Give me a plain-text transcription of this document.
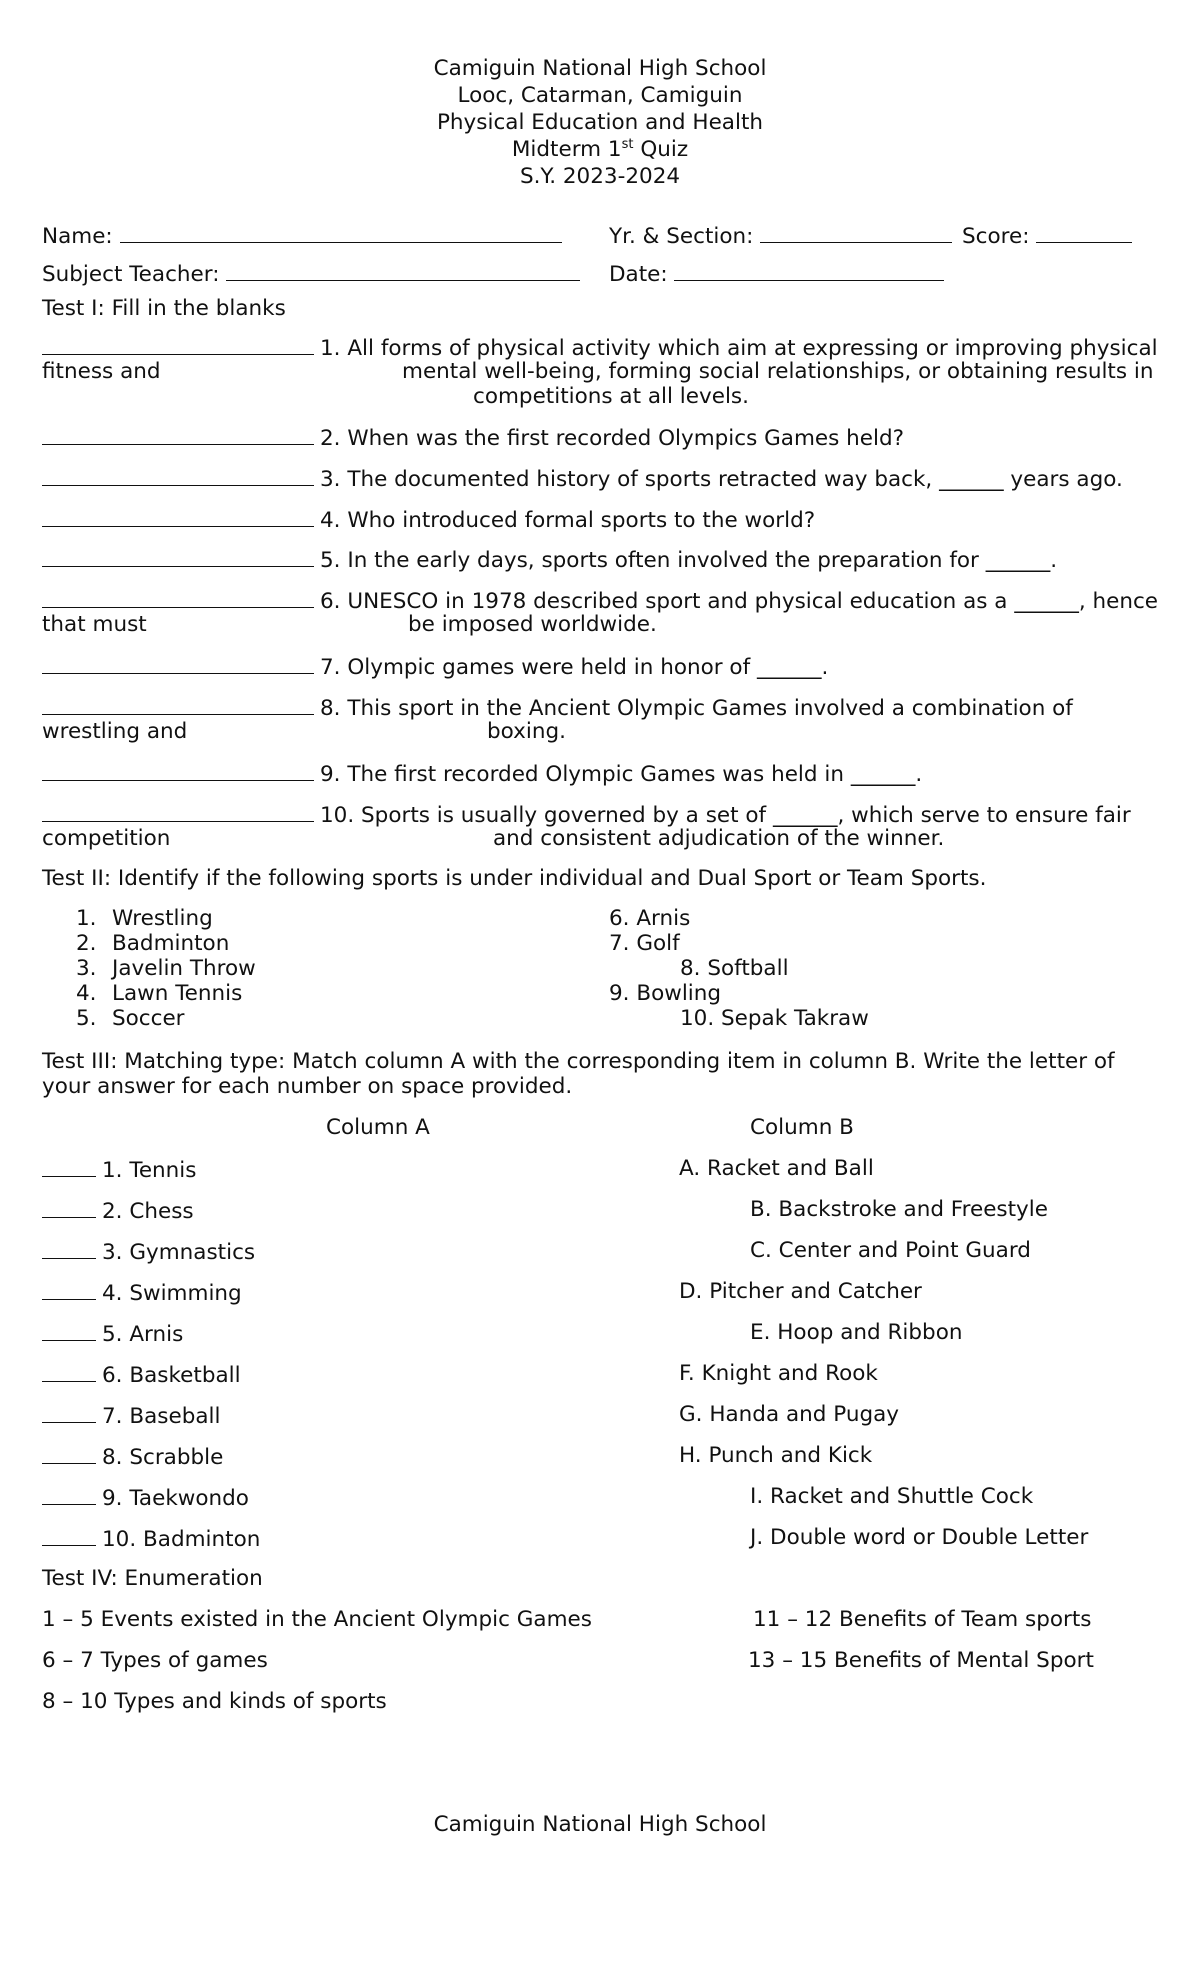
Camiguin National High School
Looc, Catarman, Camiguin
Physical Education and Health
Midterm 1st Quiz
S.Y. 2023-2024
Name:	Yr. & Section:	Score:
Subject Teacher:	Date:
Test I: Fill in the blanks
1. All forms of physical activity which aim at expressing or improving physical
fitness and	mental well-being, forming social relationships, or obtaining results in
competitions at all levels.
2. When was the first recorded Olympics Games held?
3. The documented history of sports retracted way back, ______ years ago.
4. Who introduced formal sports to the world?
5. In the early days, sports often involved the preparation for ______.
6. UNESCO in 1978 described sport and physical education as a ______, hence
that must	be imposed worldwide.
7. Olympic games were held in honor of ______.
8. This sport in the Ancient Olympic Games involved a combination of
wrestling and	boxing.
9. The first recorded Olympic Games was held in ______.
10. Sports is usually governed by a set of ______, which serve to ensure fair
competition	and consistent adjudication of the winner.
Test II: Identify if the following sports is under individual and Dual Sport or Team Sports.
1. Wrestling
2. Badminton
3. Javelin Throw
4. Lawn Tennis
5. Soccer
6. Arnis
7. Golf
8. Softball
9. Bowling
10. Sepak Takraw
Test III: Matching type: Match column A with the corresponding item in column B. Write the letter of
your answer for each number on space provided.
Column A	Column B
1. Tennis
2. Chess
3. Gymnastics
4. Swimming
5. Arnis
6. Basketball
7. Baseball
8. Scrabble
9. Taekwondo
10. Badminton
A. Racket and Ball
B. Backstroke and Freestyle
C. Center and Point Guard
D. Pitcher and Catcher
E. Hoop and Ribbon
F. Knight and Rook
G. Handa and Pugay
H. Punch and Kick
I. Racket and Shuttle Cock
J. Double word or Double Letter
Test IV: Enumeration
1 – 5 Events existed in the Ancient Olympic Games
6 – 7 Types of games
8 – 10 Types and kinds of sports
11 – 12 Benefits of Team sports
13 – 15 Benefits of Mental Sport
Camiguin National High School
